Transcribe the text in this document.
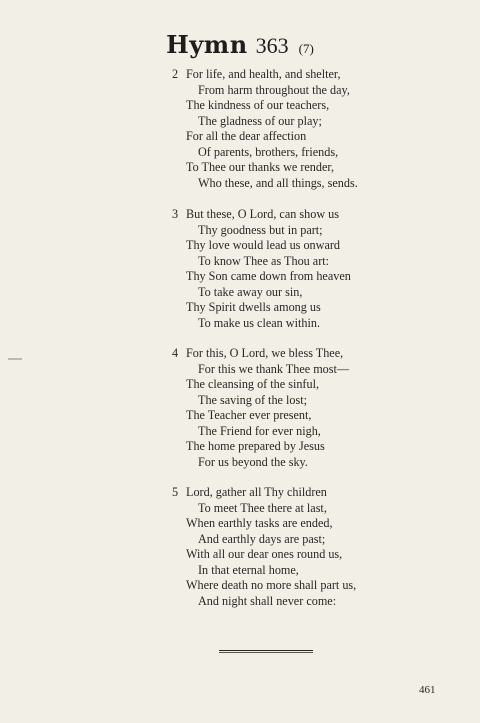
Hymn 363 (7)
2 For life, and health, and shelter,
From harm throughout the day,
The kindness of our teachers,
The gladness of our play;
For all the dear affection
Of parents, brothers, friends,
To Thee our thanks we render,
Who these, and all things, sends.
3 But these, O Lord, can show us
Thy goodness but in part;
Thy love would lead us onward
To know Thee as Thou art:
Thy Son came down from heaven
To take away our sin,
Thy Spirit dwells among us
To make us clean within.
4 For this, O Lord, we bless Thee,
For this we thank Thee most—
The cleansing of the sinful,
The saving of the lost;
The Teacher ever present,
The Friend for ever nigh,
The home prepared by Jesus
For us beyond the sky.
5 Lord, gather all Thy children
To meet Thee there at last,
When earthly tasks are ended,
And earthly days are past;
With all our dear ones round us,
In that eternal home,
Where death no more shall part us,
And night shall never come:
461
